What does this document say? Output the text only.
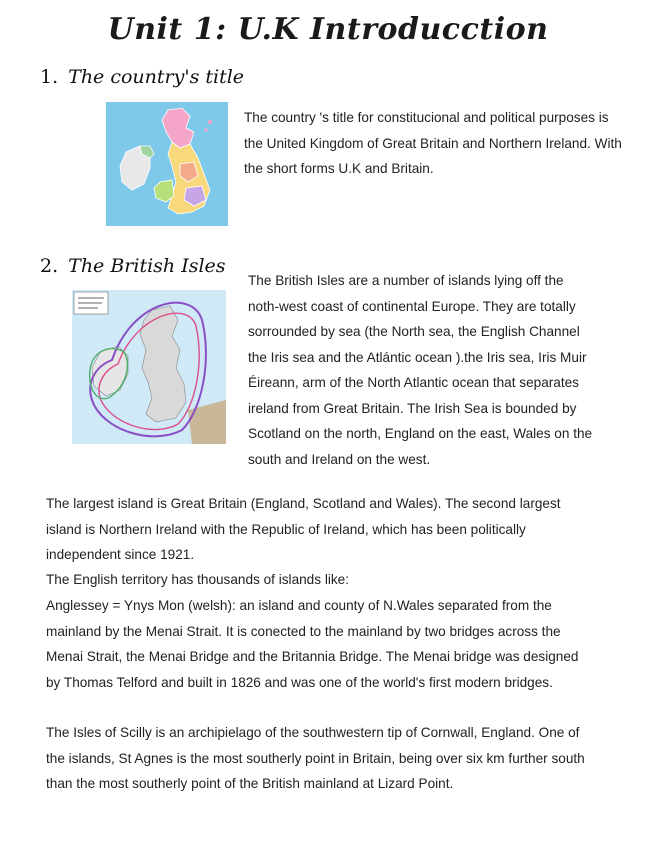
Unit 1: U.K Introducction
1. The country's title

The country 's title for constitucional and political purposes is the United Kingdom of Great Britain and Northern Ireland. With the short forms U.K and Britain.

2. The British Isles

The British Isles are a number of islands lying off the noth-west coast of continental Europe. They are totally sorrounded by sea (the North sea, the English Channel the Iris sea and the Atlántic ocean ).the Iris sea, Iris Muir Éireann, arm of the North Atlantic ocean that separates ireland from Great Britain. The Irish Sea is bounded by Scotland on the north, England on the east, Wales on the south and Ireland on the west.

The largest island is Great Britain (England, Scotland and Wales). The second largest island is Northern Ireland with the Republic of Ireland, which has been politically independent since 1921.

The English territory has thousands of islands like:

Anglessey = Ynys Mon (welsh): an island and county of N.Wales separated from the mainland by the Menai Strait. It is conected to the mainland by two bridges across the Menai Strait, the Menai Bridge and the Britannia Bridge. The Menai bridge was designed by Thomas Telford and built in 1826 and was one of the world's first modern bridges.

The Isles of Scilly is an archipielago of the southwestern tip of Cornwall, England. One of the islands, St Agnes is the most southerly point in Britain, being over six km further south than the most southerly point of the British mainland at Lizard Point.
